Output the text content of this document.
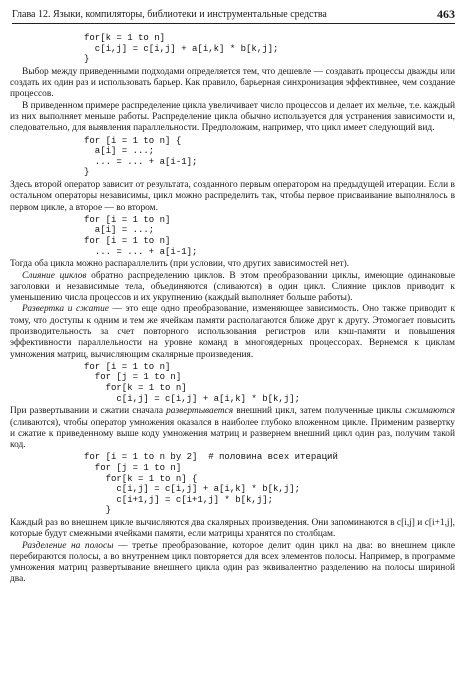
Глава 12. Языки, компиляторы, библиотеки и инструментальные средства	463
for[k = 1 to n]
c[i,j] = c[i,j] + a[i,k] * b[k,j];
}

Выбор между приведенными подходами определяется тем, что дешевле — создавать процессы дважды или создать их один раз и использовать барьер. Как правило, барьерная синхронизация эффективнее, чем создание процессов.

В приведенном примере распределение цикла увеличивает число процессов и делает их мельче, т.е. каждый из них выполняет меньше работы. Распределение цикла обычно используется для устранения зависимости и, следовательно, для выявления параллельности. Предположим, например, что цикл имеет следующий вид.

for [i = 1 to n] {
a[i] = ...;
... = ... + a[i-1];
}

Здесь второй оператор зависит от результата, созданного первым оператором на предыдущей итерации. Если в остальном операторы независимы, цикл можно распределить так, чтобы первое присваивание выполнялось в первом цикле, а второе — во втором.

for [i = 1 to n]
a[i] = ...;
for [i = 1 to n]
... = ... + a[i-1];

Тогда оба цикла можно распараллелить (при условии, что других зависимостей нет).

Слияние циклов обратно распределению циклов. В этом преобразовании циклы, имеющие одинаковые заголовки и независимые тела, объединяются (сливаются) в один цикл. Слияние циклов приводит к уменьшению числа процессов и их укрупнению (каждый выполняет больше работы).

Развертка и сжатие — это еще одно преобразование, изменяющее зависимость. Оно также приводит к тому, что доступы к одним и тем же ячейкам памяти располагаются ближе друг к другу. Этомогает повысить производительность за счет повторного использования регистров или кэш-памяти и повышения эффективности параллельности на уровне команд в многоядерных процессорах. Вернемся к циклам умножения матриц, вычисляющим скалярные произведения.

for [i = 1 to n]
for [j = 1 to n]
for[k = 1 to n]
c[i,j] = c[i,j] + a[i,k] * b[k,j];

При развертывании и сжатии сначала развертывается внешний цикл, затем полученные циклы сжимаются (сливаются), чтобы оператор умножения оказался в наиболее глубоко вложенном цикле. Применим развертку и сжатие к приведенному выше коду умножения матриц и развернем внешний цикл один раз, получим такой код.

for [i = 1 to n by 2]  # половина всех итераций
for [j = 1 to n]
for[k = 1 to n] {
c[i,j] = c[i,j] + a[i,k] * b[k,j];
c[i+1,j] = c[i+1,j] * b[k,j];
}

Каждый раз во внешнем цикле вычисляются два скалярных произведения. Они запоминаются в c[i,j] и c[i+1,j], которые будут смежными ячейками памяти, если матрицы хранятся по столбцам.

Разделение на полосы — третье преобразование, которое делит один цикл на два: во внешнем цикле перебираются полосы, а во внутреннем цикл повторяется для всех элементов полосы. Например, в программе умножения матриц развертывание внешнего цикла один раз эквивалентно разделению на полосы шириной два.
